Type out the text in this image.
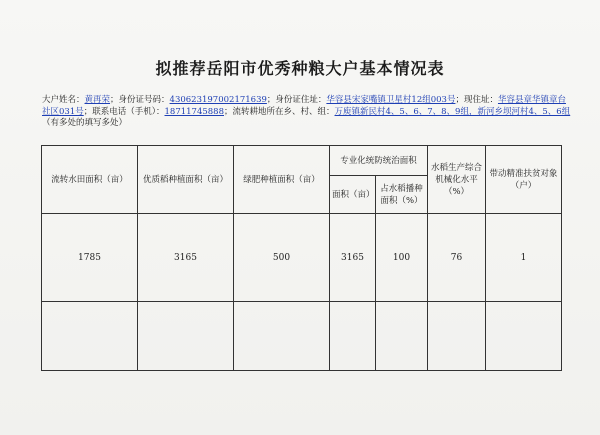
拟推荐岳阳市优秀种粮大户基本情况表
大户姓名：黄再荣；身份证号码：430623197002171639；身份证住址：华容县宋家嘴镇卫星村12组003号；现住址：华容县章华镇章台社区031号；联系电话（手机）：18711745888；流转耕地所在乡、村、组：万庾镇新民村4、5、6、7、8、9组，新河乡坝河村4、5、6组
（有多处的填写多处）
流转水田面积（亩）	优质稻种植面积（亩）	绿肥种植面积（亩）	专业化统防统治面积		水稻生产综合机械化水平（%）	带动精准扶贫对象（户）
			面积（亩）	占水稻播种面积（%）		
1785	3165	500	3165	100	76	1
